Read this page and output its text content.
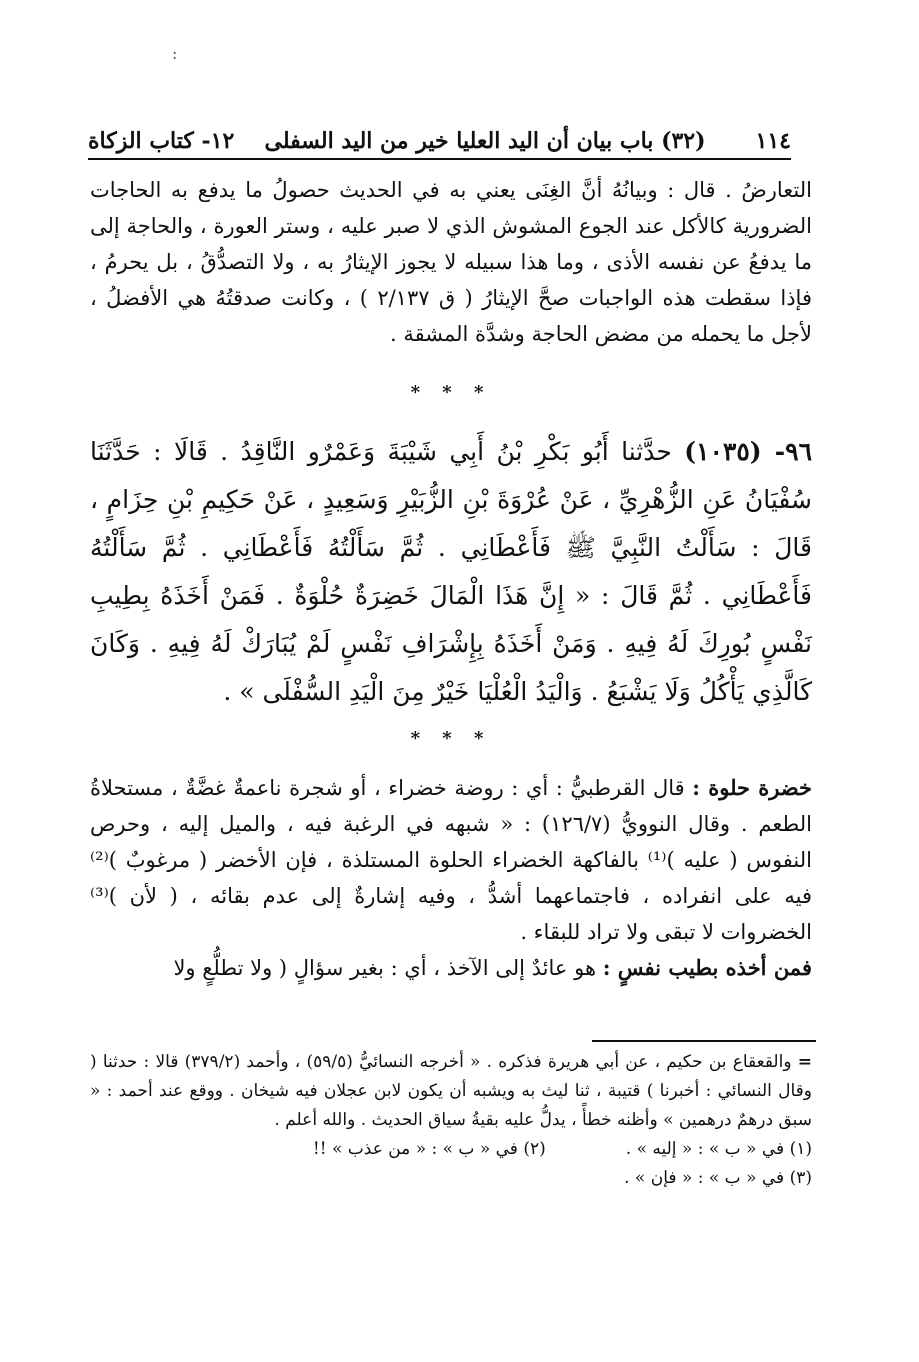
:
١٢- كتاب الزكاة (٣٢) باب بيان أن اليد العليا خير من اليد السفلى ١١٤
التعارضُ . قال : وبيانُهُ أنَّ الغِنَى يعني به في الحديث حصولُ ما يدفع به الحاجات الضرورية كالأكل عند الجوع المشوش الذي لا صبر عليه ، وستر العورة ، والحاجة إلى ما يدفعُ عن نفسه الأذى ، وما هذا سبيله لا يجوز الإيثارُ به ، ولا التصدُّقُ ، بل يحرمُ ، فإذا سقطت هذه الواجبات صحَّ الإيثارُ ( ق ٢/١٣٧ ) ، وكانت صدقتُهُ هي الأفضلُ ، لأجل ما يحمله من مضض الحاجة وشدَّة المشقة .
* * *
٩٦- (١٠٣٥) حدَّثنا أَبُو بَكْرِ بْنُ أَبِي شَيْبَةَ وَعَمْرٌو النَّاقِدُ . قَالَا : حَدَّثَنَا سُفْيَانُ عَنِ الزُّهْرِيِّ ، عَنْ عُرْوَةَ بْنِ الزُّبَيْرِ وَسَعِيدٍ ، عَنْ حَكِيمِ بْنِ حِزَامٍ ، قَالَ : سَأَلْتُ النَّبِيَّ ﷺ فَأَعْطَانِي . ثُمَّ سَأَلْتُهُ فَأَعْطَانِي . ثُمَّ سَأَلْتُهُ فَأَعْطَانِي . ثُمَّ قَالَ : « إِنَّ هَذَا الْمَالَ خَضِرَةٌ حُلْوَةٌ . فَمَنْ أَخَذَهُ بِطِيبِ نَفْسٍ بُورِكَ لَهُ فِيهِ . وَمَنْ أَخَذَهُ بِإِشْرَافِ نَفْسٍ لَمْ يُبَارَكْ لَهُ فِيهِ . وَكَانَ كَالَّذِي يَأْكُلُ وَلَا يَشْبَعُ . وَالْيَدُ الْعُلْيَا خَيْرٌ مِنَ الْيَدِ السُّفْلَى » .
* * *

خضرة حلوة : قال القرطبيُّ : أي : روضة خضراء ، أو شجرة ناعمةٌ غضَّةٌ ، مستحلاةُ الطعم . وقال النوويُّ (١٢٦/٧) : « شبهه في الرغبة فيه ، والميل إليه ، وحرص النفوس ( عليه )⁽¹⁾ بالفاكهة الخضراء الحلوة المستلذة ، فإن الأخضر ( مرغوبٌ )⁽²⁾ فيه على انفراده ، فاجتماعهما أشدُّ ، وفيه إشارةٌ إلى عدم بقائه ، ( لأن )⁽³⁾ الخضروات لا تبقى ولا تراد للبقاء .

فمن أخذه بطيب نفسٍ : هو عائدٌ إلى الآخذ ، أي : بغير سؤالٍ ( ولا تطلُّعٍ ولا

= والقعقاع بن حكيم ، عن أبي هريرة فذكره . « أخرجه النسائيُّ (٥٩/٥) ، وأحمد (٣٧٩/٢) قالا : حدثنا ( وقال النسائي : أخبرنا ) قتيبة ، ثنا ليث به ويشبه أن يكون لابن عجلان فيه شيخان . ووقع عند أحمد : « سبق درهمٌ درهمين » وأظنه خطأً ، يدلُّ عليه بقيةُ سياق الحديث . والله أعلم .

(١) في « ب » : « إليه » .
(٢) في « ب » : « من عذب » !!

(٣) في « ب » : « فإن » .
